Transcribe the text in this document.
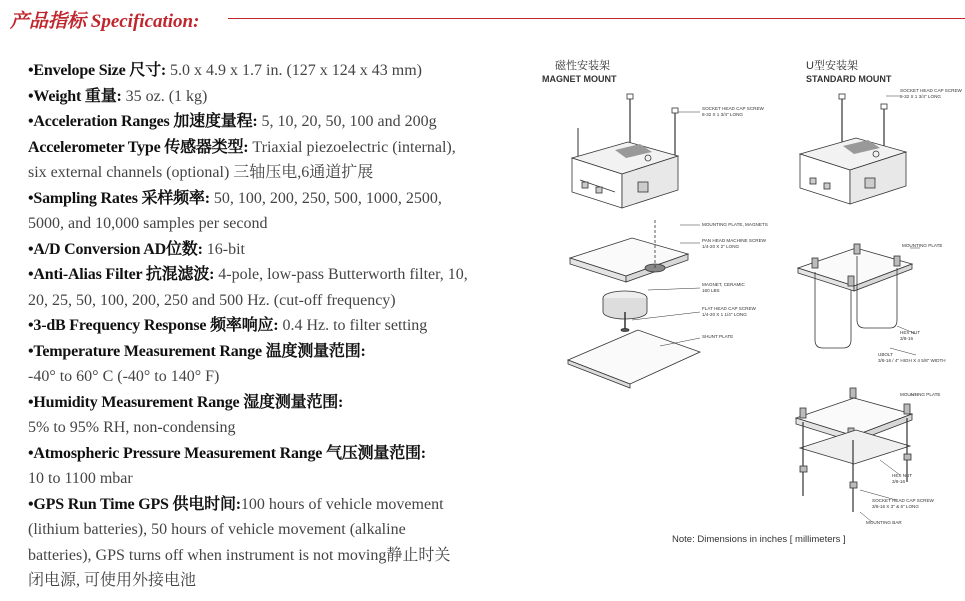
产品指标 Specification:
•Envelope Size 尺寸: 5.0 x 4.9 x 1.7 in. (127 x 124 x 43 mm)
•Weight 重量: 35 oz. (1 kg)
•Acceleration Ranges 加速度量程: 5, 10, 20, 50, 100 and 200g
Accelerometer Type 传感器类型: Triaxial piezoelectric (internal),
six external channels (optional) 三轴压电,6通道扩展
•Sampling Rates 采样频率: 50, 100, 200, 250, 500, 1000, 2500,
5000, and 10,000 samples per second
•A/D Conversion AD位数: 16-bit
•Anti-Alias Filter 抗混滤波: 4-pole, low-pass Butterworth filter, 10,
20, 25, 50, 100, 200, 250 and 500 Hz. (cut-off frequency)
•3-dB Frequency Response 频率响应: 0.4 Hz. to filter setting
•Temperature Measurement Range 温度测量范围:
-40° to 60° C (-40° to 140° F)
•Humidity Measurement Range 湿度测量范围:
5% to 95% RH, non-condensing
•Atmospheric Pressure Measurement Range 气压测量范围:
10 to 1100 mbar
•GPS Run Time GPS 供电时间:100 hours of vehicle movement
(lithium batteries), 50 hours of vehicle movement (alkaline
batteries), GPS turns off when instrument is not moving静止时关
闭电源, 可使用外接电池
磁性安装架
MAGNET MOUNT
U型安装架
STANDARD MOUNT
SOCKET HEAD CAP SCREW
8-32 X 1 3/4" LONG
MOUNTING PLATE, MAGNETS
PAN HEAD MACHINE SCREW
1/4-20 X 2" LONG
MAGNET, CERAMIC
160 LBS
FLAT HEAD CAP SCREW
1/4-20 X 1 1/4" LONG
SHUNT PLATE
SOCKET HEAD CAP SCREW
8-32 X 1 3/4" LONG
MOUNTING PLATE
HEX NUT
3/8-16
UBOLT
3/8-16 / 4" HIGH X 4 5/8" WIDTH
MOUNTING PLATE
HEX NUT
3/8-16
SOCKET HEAD CAP SCREW
3/8-16 X 3" & 6" LONG
MOUNTING BAR
Note: Dimensions in inches [ millimeters ]
